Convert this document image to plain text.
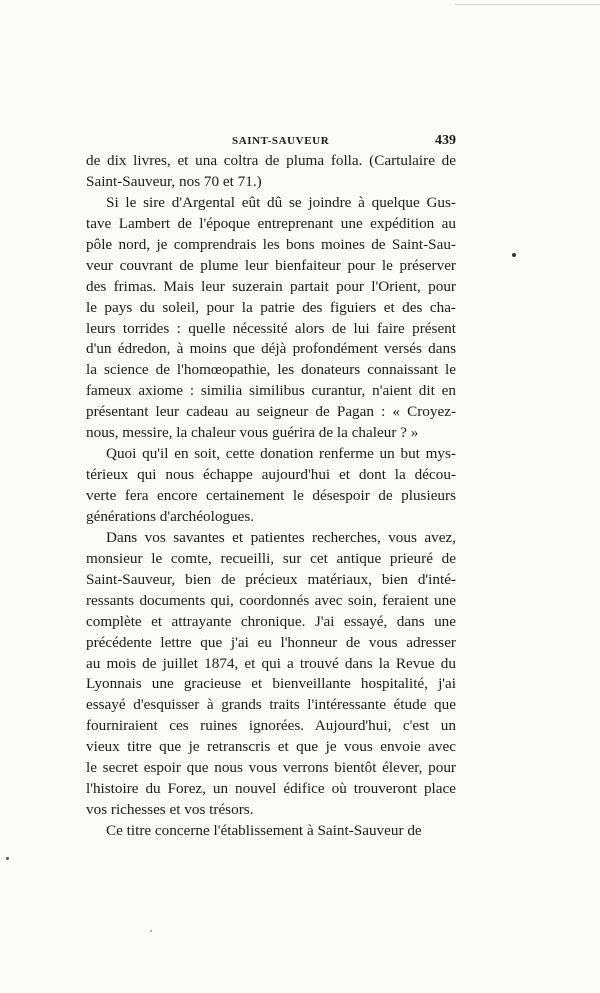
SAINT-SAUVEUR	439
de dix livres, et una coltra de pluma folla. (Cartulaire de
Saint-Sauveur, nos 70 et 71.)
Si le sire d'Argental eût dû se joindre à quelque Gus-
tave Lambert de l'époque entreprenant une expédition au
pôle nord, je comprendrais les bons moines de Saint-Sau-
veur couvrant de plume leur bienfaiteur pour le préserver
des frimas. Mais leur suzerain partait pour l'Orient, pour
le pays du soleil, pour la patrie des figuiers et des cha-
leurs torrides : quelle nécessité alors de lui faire présent
d'un édredon, à moins que déjà profondément versés dans
la science de l'homœopathie, les donateurs connaissant le
fameux axiome : similia similibus curantur, n'aient dit en
présentant leur cadeau au seigneur de Pagan : « Croyez-
nous, messire, la chaleur vous guérira de la chaleur ? »
Quoi qu'il en soit, cette donation renferme un but mys-
térieux qui nous échappe aujourd'hui et dont la décou-
verte fera encore certainement le désespoir de plusieurs
générations d'archéologues.
Dans vos savantes et patientes recherches, vous avez,
monsieur le comte, recueilli, sur cet antique prieuré de
Saint-Sauveur, bien de précieux matériaux, bien d'inté-
ressants documents qui, coordonnés avec soin, feraient une
complète et attrayante chronique. J'ai essayé, dans une
précédente lettre que j'ai eu l'honneur de vous adresser
au mois de juillet 1874, et qui a trouvé dans la Revue du
Lyonnais une gracieuse et bienveillante hospitalité, j'ai
essayé d'esquisser à grands traits l'intéressante étude que
fourniraient ces ruines ignorées. Aujourd'hui, c'est un
vieux titre que je retranscris et que je vous envoie avec
le secret espoir que nous vous verrons bientôt élever, pour
l'histoire du Forez, un nouvel édifice où trouveront place
vos richesses et vos trésors.
Ce titre concerne l'établissement à Saint-Sauveur de
